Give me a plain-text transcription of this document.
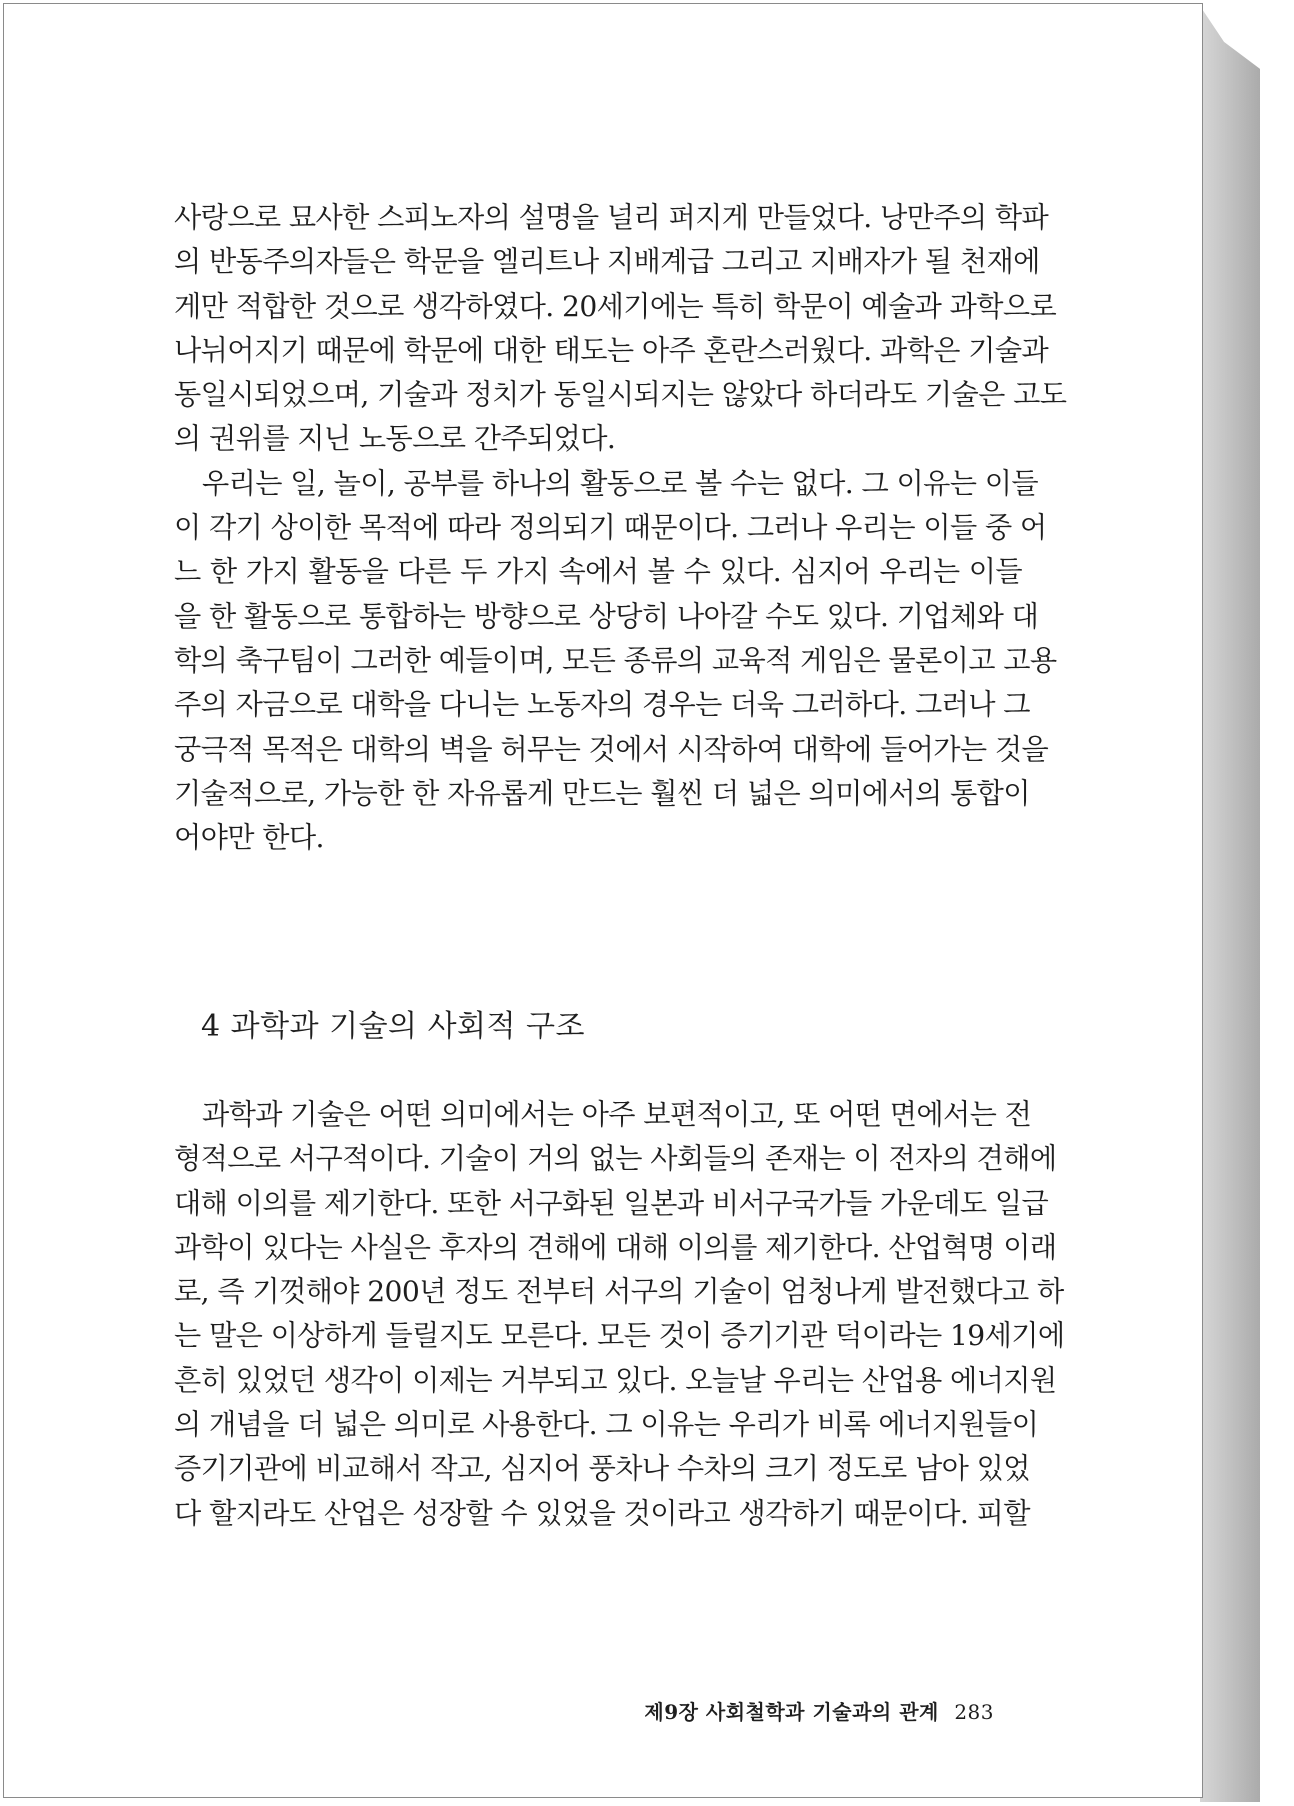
사랑으로 묘사한 스피노자의 설명을 널리 퍼지게 만들었다. 낭만주의 학파
의 반동주의자들은 학문을 엘리트나 지배계급 그리고 지배자가 될 천재에
게만 적합한 것으로 생각하였다. 20세기에는 특히 학문이 예술과 과학으로
나뉘어지기 때문에 학문에 대한 태도는 아주 혼란스러웠다. 과학은 기술과
동일시되었으며, 기술과 정치가 동일시되지는 않았다 하더라도 기술은 고도
의 권위를 지닌 노동으로 간주되었다.

우리는 일, 놀이, 공부를 하나의 활동으로 볼 수는 없다. 그 이유는 이들
이 각기 상이한 목적에 따라 정의되기 때문이다. 그러나 우리는 이들 중 어
느 한 가지 활동을 다른 두 가지 속에서 볼 수 있다. 심지어 우리는 이들
을 한 활동으로 통합하는 방향으로 상당히 나아갈 수도 있다. 기업체와 대
학의 축구팀이 그러한 예들이며, 모든 종류의 교육적 게임은 물론이고 고용
주의 자금으로 대학을 다니는 노동자의 경우는 더욱 그러하다. 그러나 그
궁극적 목적은 대학의 벽을 허무는 것에서 시작하여 대학에 들어가는 것을
기술적으로, 가능한 한 자유롭게 만드는 훨씬 더 넓은 의미에서의 통합이
어야만 한다.

4 과학과 기술의 사회적 구조

과학과 기술은 어떤 의미에서는 아주 보편적이고, 또 어떤 면에서는 전
형적으로 서구적이다. 기술이 거의 없는 사회들의 존재는 이 전자의 견해에
대해 이의를 제기한다. 또한 서구화된 일본과 비서구국가들 가운데도 일급
과학이 있다는 사실은 후자의 견해에 대해 이의를 제기한다. 산업혁명 이래
로, 즉 기껏해야 200년 정도 전부터 서구의 기술이 엄청나게 발전했다고 하
는 말은 이상하게 들릴지도 모른다. 모든 것이 증기기관 덕이라는 19세기에
흔히 있었던 생각이 이제는 거부되고 있다. 오늘날 우리는 산업용 에너지원
의 개념을 더 넓은 의미로 사용한다. 그 이유는 우리가 비록 에너지원들이
증기기관에 비교해서 작고, 심지어 풍차나 수차의 크기 정도로 남아 있었
다 할지라도 산업은 성장할 수 있었을 것이라고 생각하기 때문이다. 피할

제9장 사회철학과 기술과의 관계 283
